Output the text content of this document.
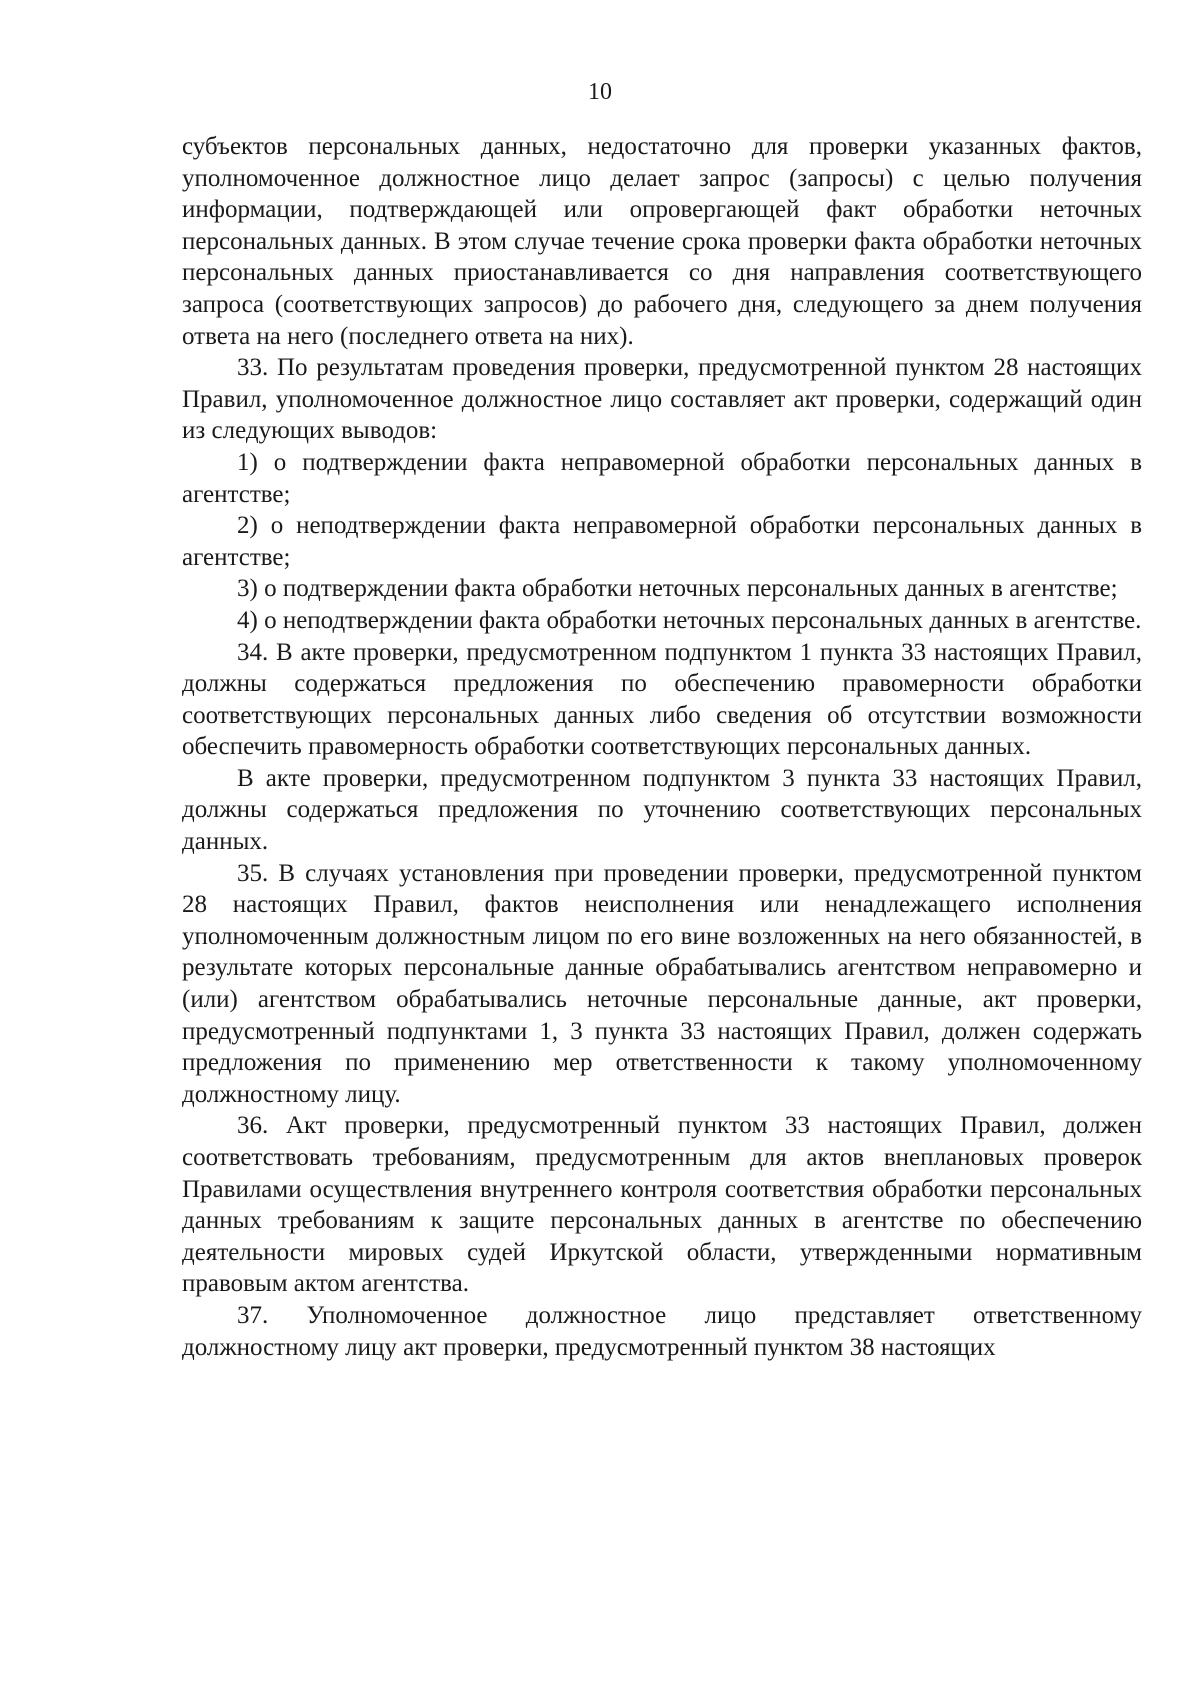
10

субъектов персональных данных, недостаточно для проверки указанных фактов, уполномоченное должностное лицо делает запрос (запросы) с целью получения информации, подтверждающей или опровергающей факт обработки неточных персональных данных. В этом случае течение срока проверки факта обработки неточных персональных данных приостанавливается со дня направления соответствующего запроса (соответствующих запросов) до рабочего дня, следующего за днем получения ответа на него (последнего ответа на них).

33. По результатам проведения проверки, предусмотренной пунктом 28 настоящих Правил, уполномоченное должностное лицо составляет акт проверки, содержащий один из следующих выводов:

1) о подтверждении факта неправомерной обработки персональных данных в агентстве;

2) о неподтверждении факта неправомерной обработки персональных данных в агентстве;

3) о подтверждении факта обработки неточных персональных данных в агентстве;

4) о неподтверждении факта обработки неточных персональных данных в агентстве.

34. В акте проверки, предусмотренном подпунктом 1 пункта 33 настоящих Правил, должны содержаться предложения по обеспечению правомерности обработки соответствующих персональных данных либо сведения об отсутствии возможности обеспечить правомерность обработки соответствующих персональных данных.

В акте проверки, предусмотренном подпунктом 3 пункта 33 настоящих Правил, должны содержаться предложения по уточнению соответствующих персональных данных.

35. В случаях установления при проведении проверки, предусмотренной пунктом 28 настоящих Правил, фактов неисполнения или ненадлежащего исполнения уполномоченным должностным лицом по его вине возложенных на него обязанностей, в результате которых персональные данные обрабатывались агентством неправомерно и (или) агентством обрабатывались неточные персональные данные, акт проверки, предусмотренный подпунктами 1, 3 пункта 33 настоящих Правил, должен содержать предложения по применению мер ответственности к такому уполномоченному должностному лицу.

36. Акт проверки, предусмотренный пунктом 33 настоящих Правил, должен соответствовать требованиям, предусмотренным для актов внеплановых проверок Правилами осуществления внутреннего контроля соответствия обработки персональных данных требованиям к защите персональных данных в агентстве по обеспечению деятельности мировых судей Иркутской области, утвержденными нормативным правовым актом агентства.

37. Уполномоченное должностное лицо представляет ответственному должностному лицу акт проверки, предусмотренный пунктом 38 настоящих
